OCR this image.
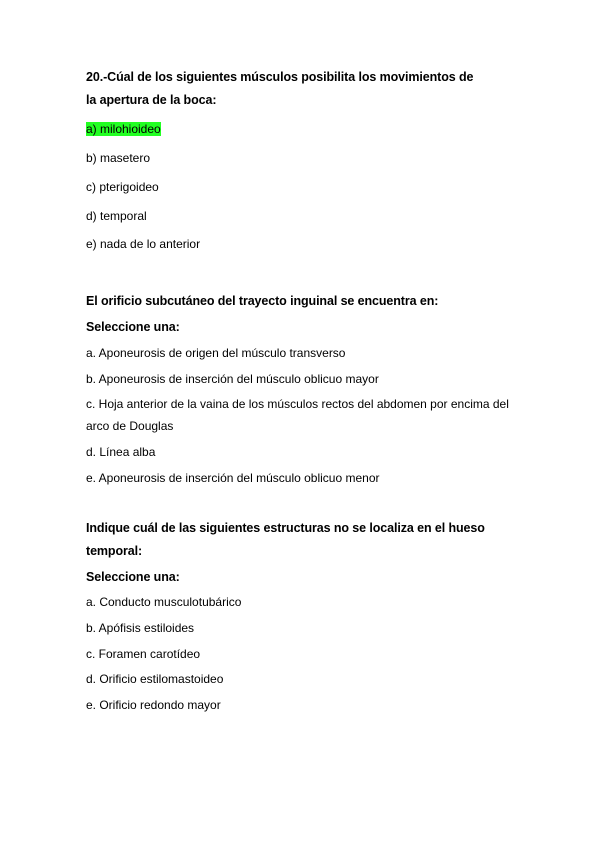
20.-Cúal de los siguientes músculos posibilita los movimientos de la apertura de la boca:

a) milohioideo

b) masetero

c) pterigoideo

d) temporal

e) nada de lo anterior

El orificio subcutáneo del trayecto inguinal se encuentra en:

Seleccione una:

a. Aponeurosis de origen del músculo transverso

b. Aponeurosis de inserción del músculo oblicuo mayor

c. Hoja anterior de la vaina de los músculos rectos del abdomen por encima del arco de Douglas

d. Línea alba

e. Aponeurosis de inserción del músculo oblicuo menor

Indique cuál de las siguientes estructuras no se localiza en el hueso temporal:

Seleccione una:

a. Conducto musculotubárico

b. Apófisis estiloides

c. Foramen carotídeo

d. Orificio estilomastoideo

e. Orificio redondo mayor
